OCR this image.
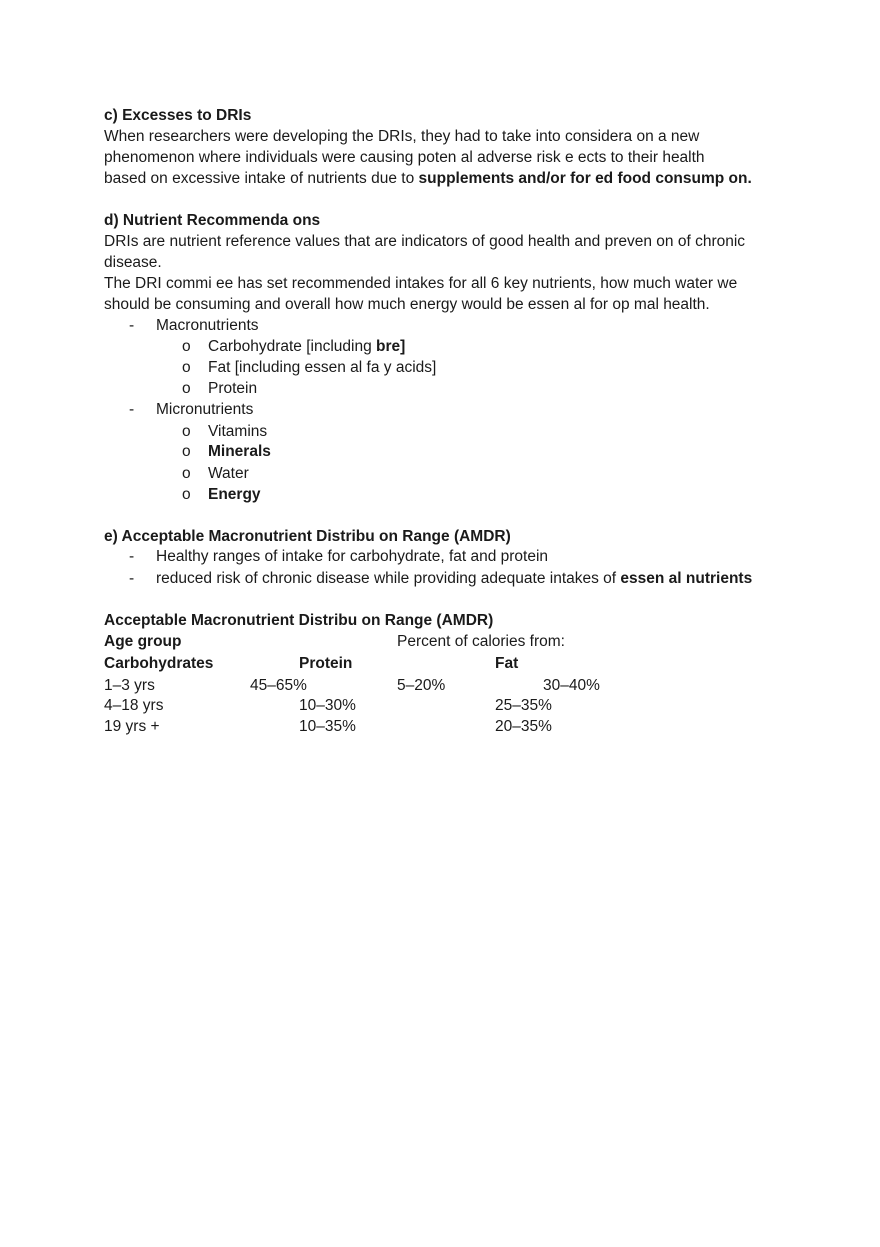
c) Excesses to DRIs
When researchers were developing the DRIs, they had to take into considera on a new
phenomenon where individuals were causing poten al adverse risk e ects to their health
based on excessive intake of nutrients due to supplements and/or for ed food consump on.
d) Nutrient Recommenda ons
DRIs are nutrient reference values that are indicators of good health and preven on of chronic
disease.
The DRI commi ee has set recommended intakes for all 6 key nutrients, how much water we
should be consuming and overall how much energy would be essen al for op mal health.
- Macronutrients
o Carbohydrate [including bre]
o Fat [including essen al fa y acids]
o Protein
- Micronutrients
o Vitamins
o Minerals
o Water
o Energy
e) Acceptable Macronutrient Distribu on Range (AMDR)
- Healthy ranges of intake for carbohydrate, fat and protein
- reduced risk of chronic disease while providing adequate intakes of essen al nutrients
Acceptable Macronutrient Distribu on Range (AMDR)
Age group	Percent of calories from:
Carbohydrates	Protein	Fat
1–3 yrs	45–65%	5–20%	30–40%
4–18 yrs	10–30%	25–35%
19 yrs +	10–35%	20–35%
